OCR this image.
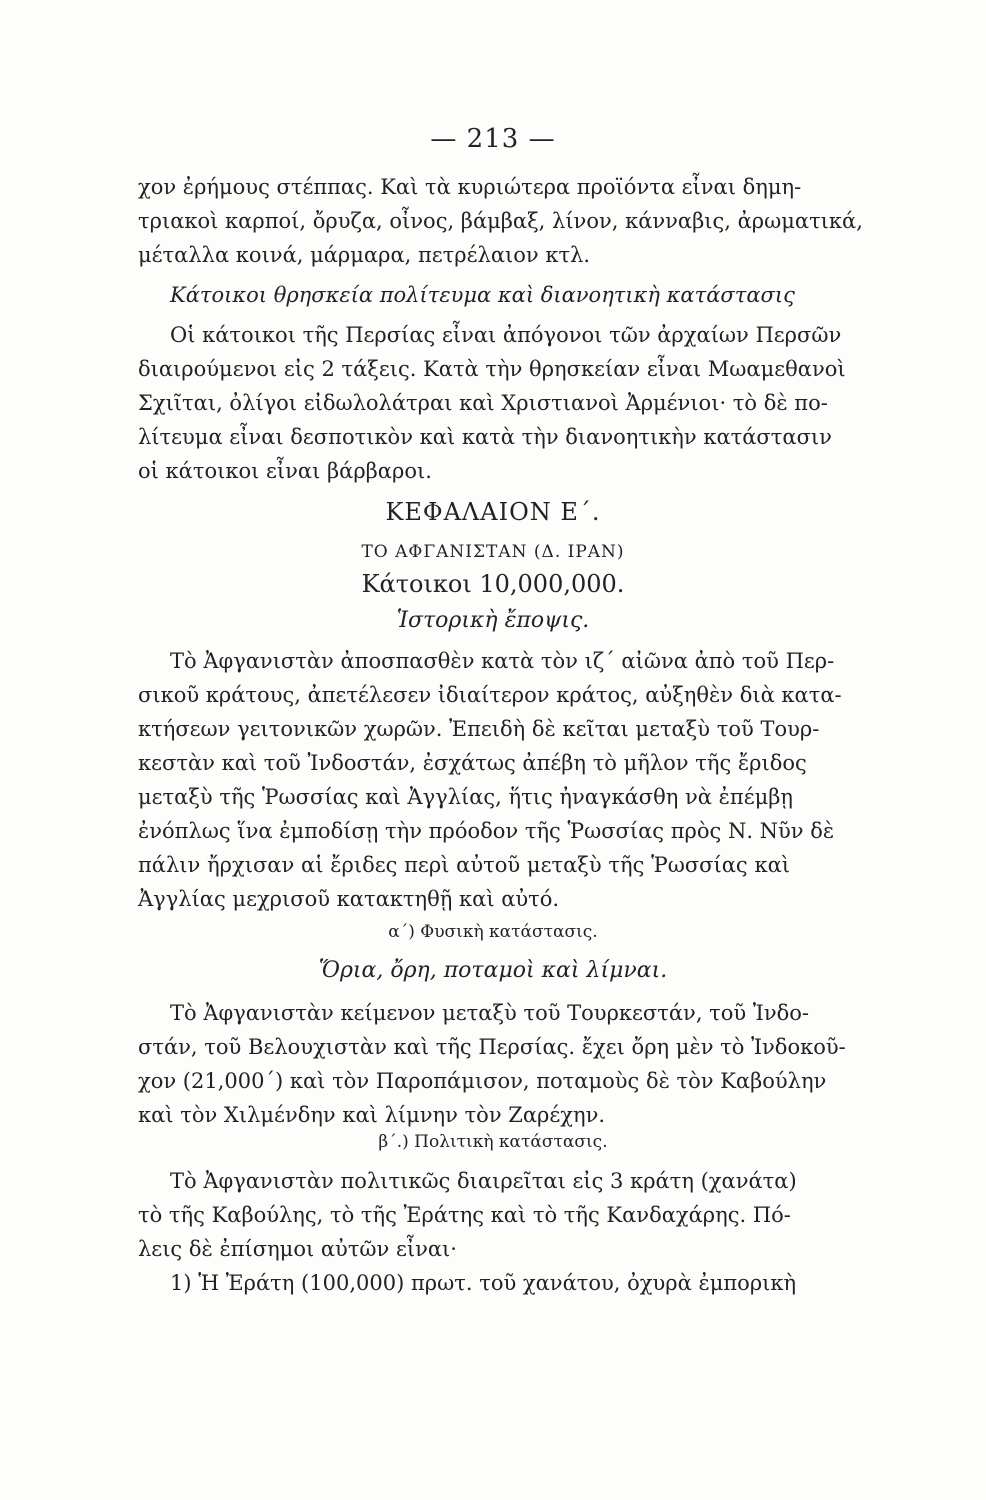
— 213 —
χον ἐρήμους στέππας. Καὶ τὰ κυριώτερα προϊόντα εἶναι δημη-
τριακοὶ καρποί, ὄρυζα, οἶνος, βάμβαξ, λίνον, κάνναβις, ἀρωματικά,
μέταλλα κοινά, μάρμαρα, πετρέλαιον κτλ.
Κάτοικοι θρησκεία πολίτευμα καὶ διανοητικὴ κατάστασις
Οἱ κάτοικοι τῆς Περσίας εἶναι ἀπόγονοι τῶν ἀρχαίων Περσῶν
διαιρούμενοι εἰς 2 τάξεις. Κατὰ τὴν θρησκείαν εἶναι Μωαμεθανοὶ
Σχιῖται, ὀλίγοι εἰδωλολάτραι καὶ Χριστιανοὶ Ἀρμένιοι· τὸ δὲ πο-
λίτευμα εἶναι δεσποτικὸν καὶ κατὰ τὴν διανοητικὴν κατάστασιν
οἱ κάτοικοι εἶναι βάρβαροι.
ΚΕΦΑΛΑΙΟΝ Ε΄.
ΤΟ ΑΦΓΑΝΙΣΤΑΝ (Δ. ΙΡΑΝ)
Κάτοικοι 10,000,000.
Ἱστορικὴ ἔποψις.
Τὸ Ἀφγανιστὰν ἀποσπασθὲν κατὰ τὸν ιζ΄ αἰῶνα ἀπὸ τοῦ Περ-
σικοῦ κράτους, ἀπετέλεσεν ἰδιαίτερον κράτος, αὐξηθὲν διὰ κατα-
κτήσεων γειτονικῶν χωρῶν. Ἐπειδὴ δὲ κεῖται μεταξὺ τοῦ Τουρ-
κεστὰν καὶ τοῦ Ἰνδοστάν, ἐσχάτως ἀπέβη τὸ μῆλον τῆς ἔριδος
μεταξὺ τῆς Ῥωσσίας καὶ Ἀγγλίας, ἥτις ἠναγκάσθη νὰ ἐπέμβῃ
ἐνόπλως ἵνα ἐμποδίσῃ τὴν πρόοδον τῆς Ῥωσσίας πρὸς Ν. Νῦν δὲ
πάλιν ἤρχισαν αἱ ἔριδες περὶ αὐτοῦ μεταξὺ τῆς Ῥωσσίας καὶ
Ἀγγλίας μεχρισοῦ κατακτηθῇ καὶ αὐτό.
α΄) Φυσικὴ κατάστασις.
Ὅρια, ὄρη, ποταμοὶ καὶ λίμναι.
Τὸ Ἀφγανιστὰν κείμενον μεταξὺ τοῦ Τουρκεστάν, τοῦ Ἰνδο-
στάν, τοῦ Βελουχιστὰν καὶ τῆς Περσίας. ἔχει ὄρη μὲν τὸ Ἰνδοκοῦ-
χον (21,000΄) καὶ τὸν Παροπάμισον, ποταμοὺς δὲ τὸν Καβούλην
καὶ τὸν Χιλμένδην καὶ λίμνην τὸν Ζαρέχην.
β΄.) Πολιτικὴ κατάστασις.
Τὸ Ἀφγανιστὰν πολιτικῶς διαιρεῖται εἰς 3 κράτη (χανάτα)
τὸ τῆς Καβούλης, τὸ τῆς Ἐράτης καὶ τὸ τῆς Κανδαχάρης. Πό-
λεις δὲ ἐπίσημοι αὐτῶν εἶναι·
1) Ἡ Ἐράτη (100,000) πρωτ. τοῦ χανάτου, ὀχυρὰ ἐμπορικὴ
